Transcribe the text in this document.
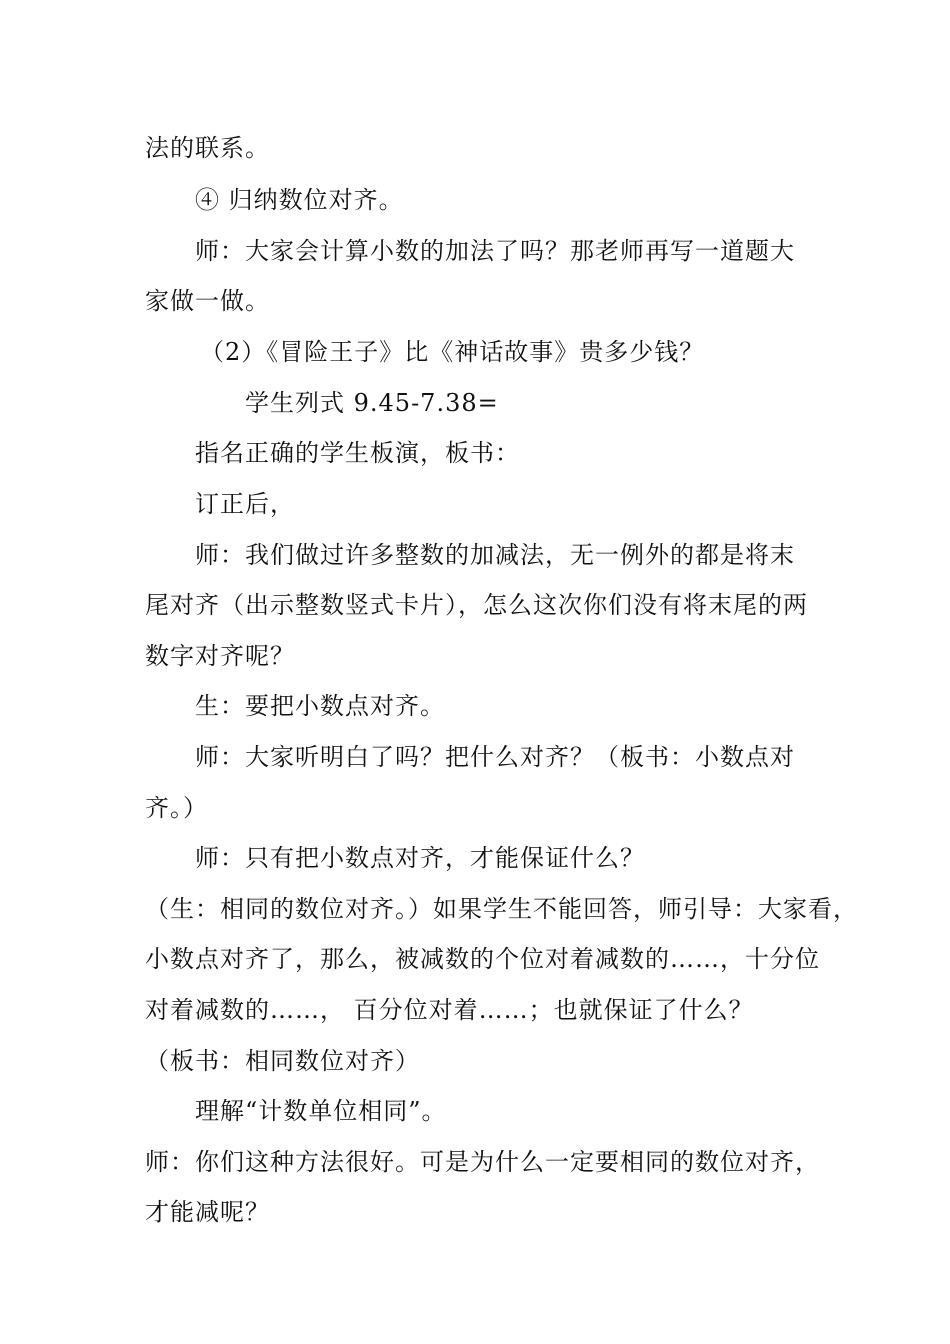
法的联系。
④ 归纳数位对齐。
师：大家会计算小数的加法了吗？那老师再写一道题大
家做一做。
（2）《冒险王子》比《神话故事》贵多少钱？
学生列式 9.45-7.38=
指名正确的学生板演，板书：
订正后，
师：我们做过许多整数的加减法，无一例外的都是将末
尾对齐（出示整数竖式卡片），怎么这次你们没有将末尾的两
数字对齐呢？
生：要把小数点对齐。
师：大家听明白了吗？把什么对齐？（板书：小数点对
齐。）
师：只有把小数点对齐，才能保证什么？
（生：相同的数位对齐。）如果学生不能回答，师引导：大家看，
小数点对齐了，那么，被减数的个位对着减数的……，十分位
对着减数的……， 百分位对着……；也就保证了什么？
（板书：相同数位对齐）
理解“计数单位相同”。
师：你们这种方法很好。可是为什么一定要相同的数位对齐，
才能减呢？
